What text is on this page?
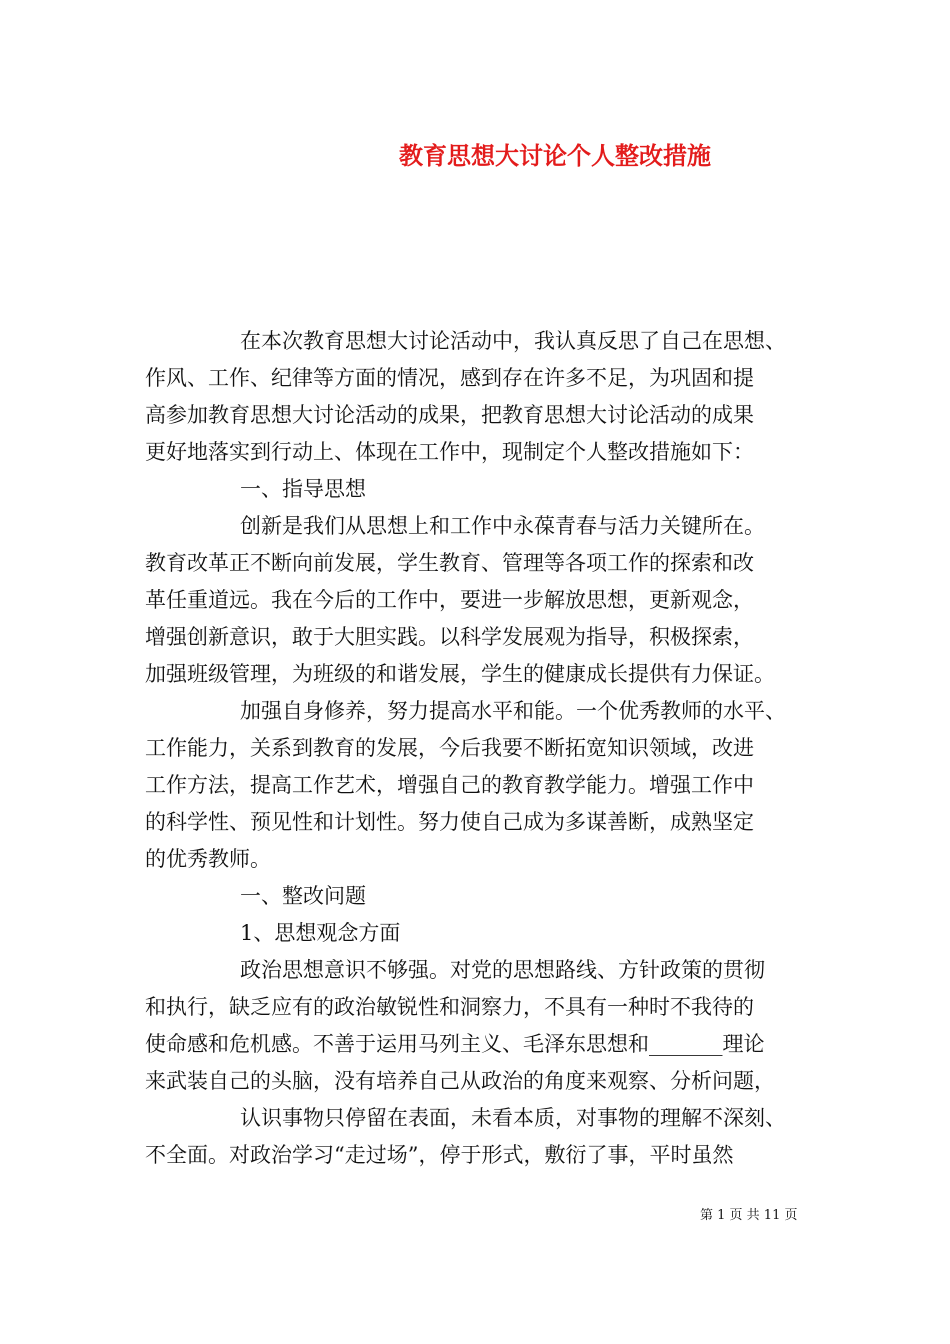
教育思想大讨论个人整改措施

在本次教育思想大讨论活动中，我认真反思了自己在思想、

作风、工作、纪律等方面的情况，感到存在许多不足，为巩固和提

高参加教育思想大讨论活动的成果，把教育思想大讨论活动的成果

更好地落实到行动上、体现在工作中，现制定个人整改措施如下：

一、指导思想

创新是我们从思想上和工作中永葆青春与活力关键所在。

教育改革正不断向前发展，学生教育、管理等各项工作的探索和改

革任重道远。我在今后的工作中，要进一步解放思想，更新观念，

增强创新意识，敢于大胆实践。以科学发展观为指导，积极探索，

加强班级管理，为班级的和谐发展，学生的健康成长提供有力保证。

加强自身修养，努力提高水平和能。一个优秀教师的水平、

工作能力，关系到教育的发展，今后我要不断拓宽知识领域，改进

工作方法，提高工作艺术，增强自己的教育教学能力。增强工作中

的科学性、预见性和计划性。努力使自己成为多谋善断，成熟坚定

的优秀教师。

一、整改问题

1、思想观念方面

政治思想意识不够强。对党的思想路线、方针政策的贯彻

和执行，缺乏应有的政治敏锐性和洞察力，不具有一种时不我待的

使命感和危机感。不善于运用马列主义、毛泽东思想和_______理论

来武装自己的头脑，没有培养自己从政治的角度来观察、分析问题，

认识事物只停留在表面，未看本质，对事物的理解不深刻、

不全面。对政治学习“走过场”，停于形式，敷衍了事，平时虽然

第 1 页 共 11 页
